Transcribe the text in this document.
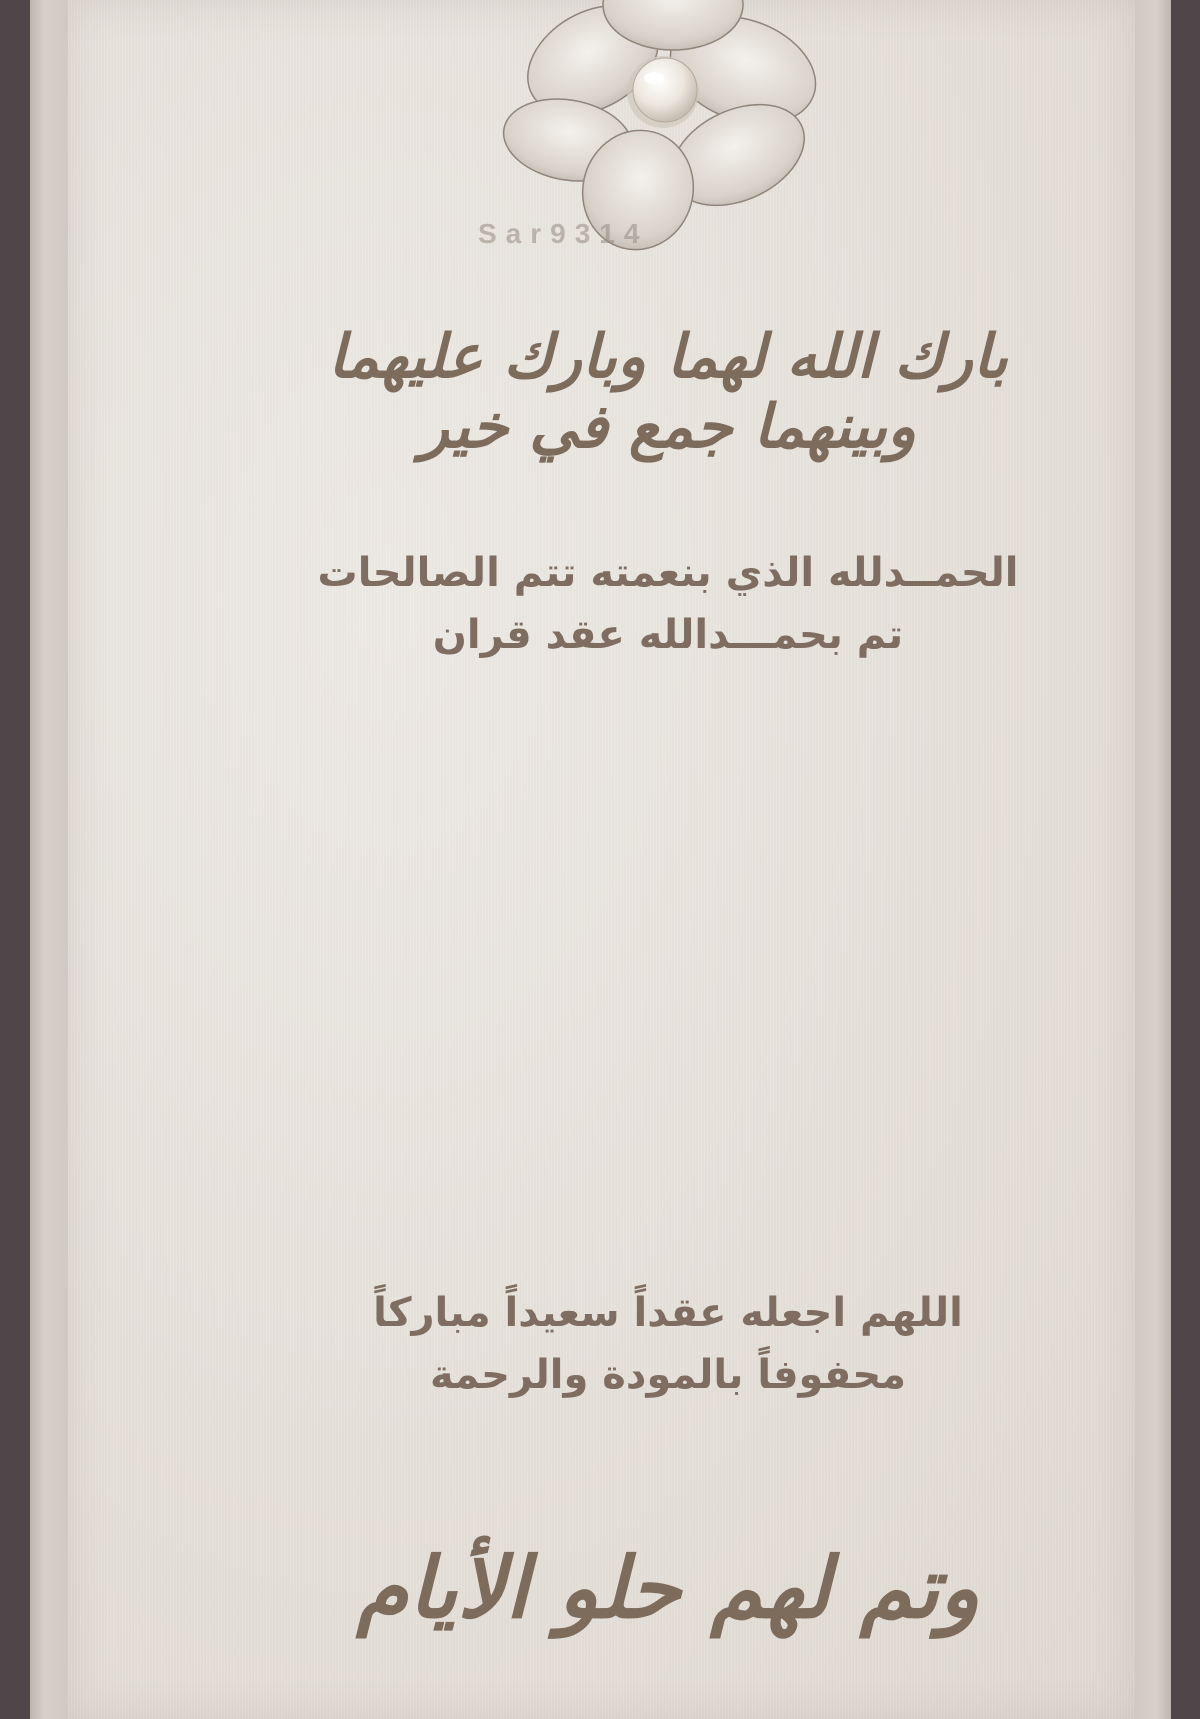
Sar9314
بارك الله لهما وبارك عليهما وبينهما جمع في خير
الحمــدلله الذي بنعمته تتم الصالحات
تم بحمـــدالله عقد قران
اللهم اجعله عقداً سعيداً مباركاً
محفوفاً بالمودة والرحمة
وتم لهم حلو الأيام
